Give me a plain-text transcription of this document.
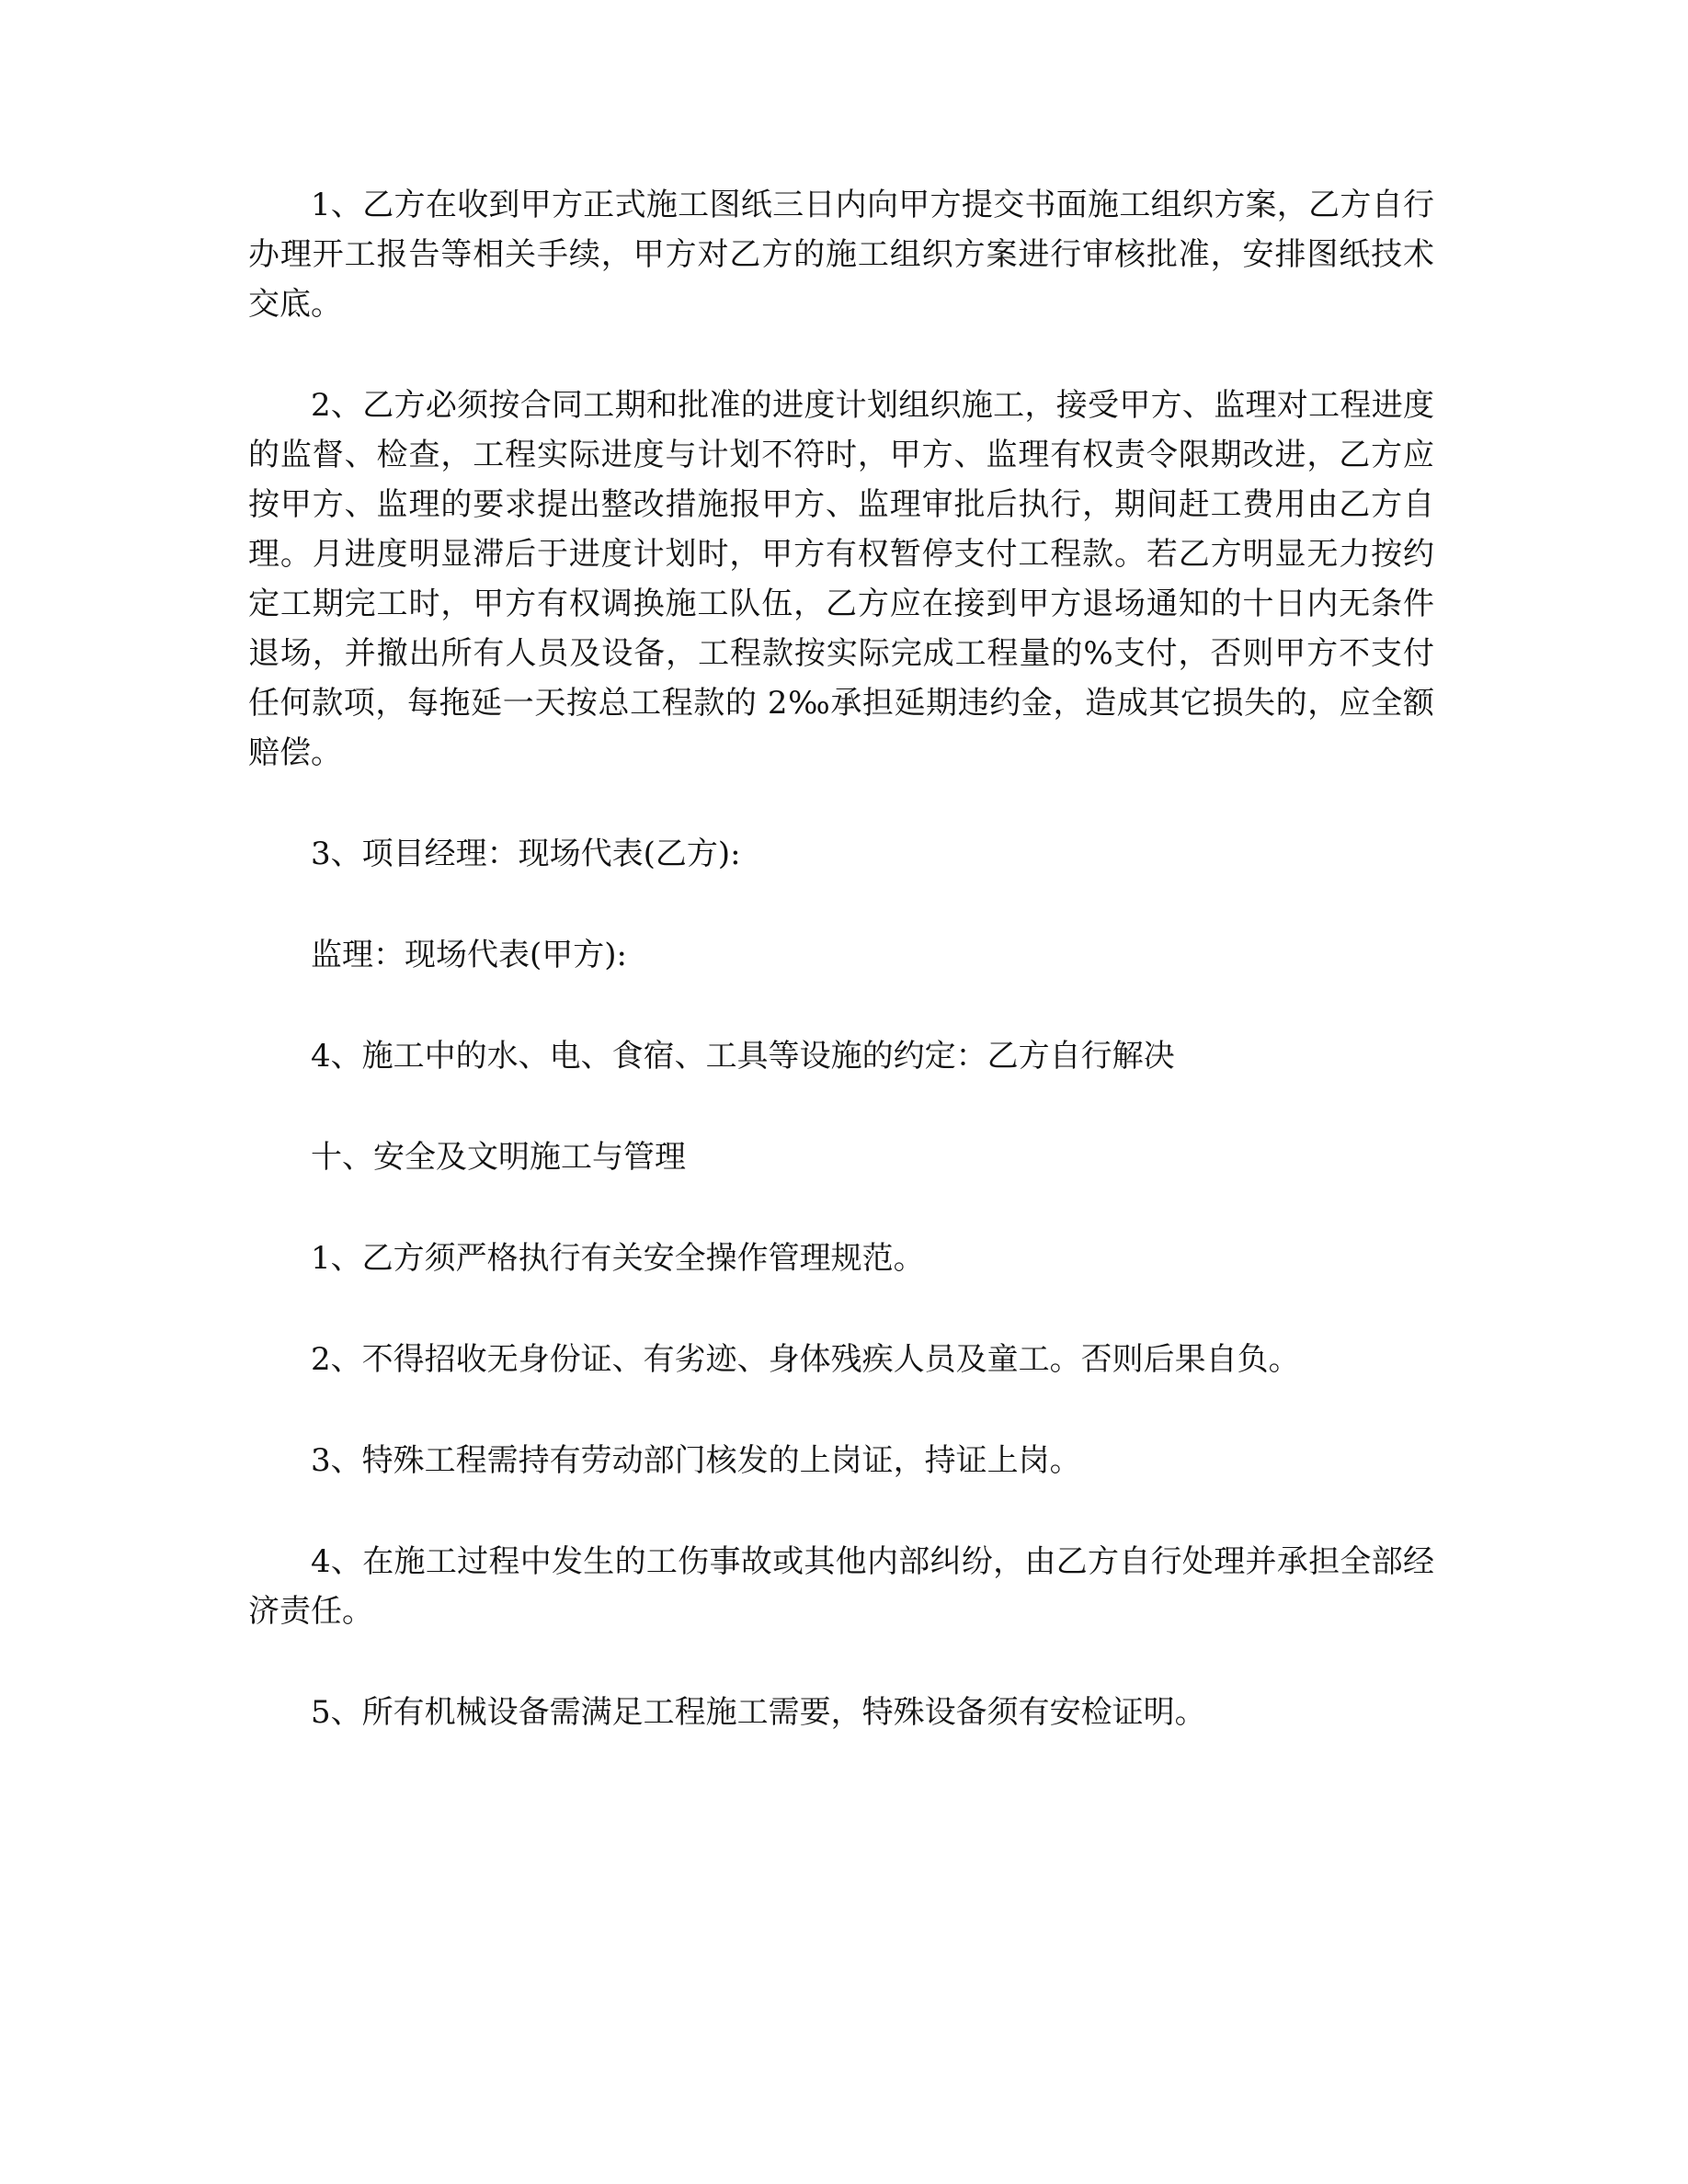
1、乙方在收到甲方正式施工图纸三日内向甲方提交书面施工组织方案，乙方自行办理开工报告等相关手续，甲方对乙方的施工组织方案进行审核批准，安排图纸技术交底。

2、乙方必须按合同工期和批准的进度计划组织施工，接受甲方、监理对工程进度的监督、检查，工程实际进度与计划不符时，甲方、监理有权责令限期改进，乙方应按甲方、监理的要求提出整改措施报甲方、监理审批后执行，期间赶工费用由乙方自理。月进度明显滞后于进度计划时，甲方有权暂停支付工程款。若乙方明显无力按约定工期完工时，甲方有权调换施工队伍，乙方应在接到甲方退场通知的十日内无条件退场，并撤出所有人员及设备，工程款按实际完成工程量的%支付，否则甲方不支付任何款项，每拖延一天按总工程款的 2‰承担延期违约金，造成其它损失的，应全额赔偿。

3、项目经理：现场代表(乙方):

监理：现场代表(甲方):

4、施工中的水、电、食宿、工具等设施的约定：乙方自行解决

十、安全及文明施工与管理

1、乙方须严格执行有关安全操作管理规范。

2、不得招收无身份证、有劣迹、身体残疾人员及童工。否则后果自负。

3、特殊工程需持有劳动部门核发的上岗证，持证上岗。

4、在施工过程中发生的工伤事故或其他内部纠纷，由乙方自行处理并承担全部经济责任。

5、所有机械设备需满足工程施工需要，特殊设备须有安检证明。
